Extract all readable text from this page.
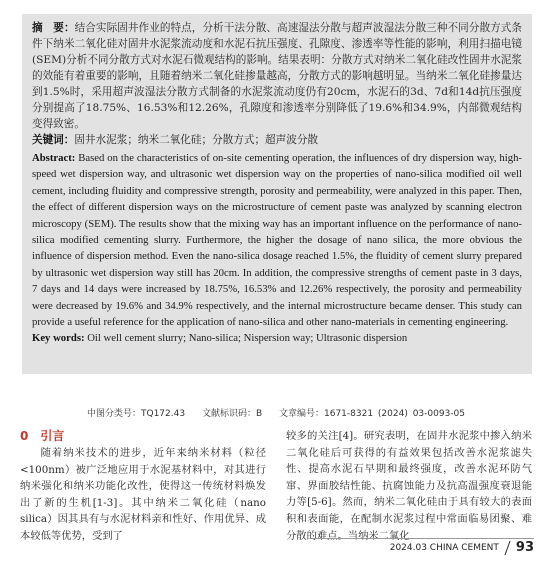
摘　要：结合实际固井作业的特点，分析干法分散、高速湿法分散与超声波湿法分散三种不同分散方式条件下纳米二氧化硅对固井水泥浆流动度和水泥石抗压强度、孔隙度、渗透率等性能的影响，利用扫描电镜(SEM)分析不同分散方式对水泥石微观结构的影响。结果表明：分散方式对纳米二氧化硅改性固井水泥浆的效能有着重要的影响，且随着纳米二氧化硅掺量越高，分散方式的影响越明显。当纳米二氧化硅掺量达到1.5%时，采用超声波湿法分散方式制备的水泥浆流动度仍有20cm，水泥石的3d、7d和14d抗压强度分别提高了18.75%、16.53%和12.26%，孔隙度和渗透率分别降低了19.6%和34.9%，内部微观结构变得致密。

关键词：固井水泥浆；纳米二氧化硅；分散方式；超声波分散

Abstract: Based on the characteristics of on-site cementing operation, the influences of dry dispersion way, high-speed wet dispersion way, and ultrasonic wet dispersion way on the properties of nano-silica modified oil well cement, including fluidity and compressive strength, porosity and permeability, were analyzed in this paper. Then, the effect of different dispersion ways on the microstructure of cement paste was analyzed by scanning electron microscopy (SEM). The results show that the mixing way has an important influence on the performance of nano-silica modified cementing slurry. Furthermore, the higher the dosage of nano silica, the more obvious the influence of dispersion method. Even the nano-silica dosage reached 1.5%, the fluidity of cement slurry prepared by ultrasonic wet dispersion way still has 20cm. In addition, the compressive strengths of cement paste in 3 days, 7 days and 14 days were increased by 18.75%, 16.53% and 12.26% respectively, the porosity and permeability were decreased by 19.6% and 34.9% respectively, and the internal microstructure became denser. This study can provide a useful reference for the application of nano-silica and other nano-materials in cementing engineering.

Key words: Oil well cement slurry; Nano-silica; Nispersion way; Ultrasonic dispersion

中图分类号：TQ172.43 文献标识码：B 文章编号：1671-8321 (2024) 03-0093-05
0　引言

随着纳米技术的进步，近年来纳米材料（粒径<100nm）被广泛地应用于水泥基材料中，对其进行纳米强化和纳米功能化改性，使得这一传统材料焕发出了新的生机[1-3]。其中纳米二氧化硅（nano silica）因其具有与水泥材料亲和性好、作用优异、成本较低等优势，受到了

较多的关注[4]。研究表明，在固井水泥浆中掺入纳米二氧化硅后可获得的有益效果包括改善水泥浆滤失性、提高水泥石早期和最终强度，改善水泥环防气窜、界面胶结性能、抗腐蚀能力及抗高温强度衰退能力等[5-6]。然而，纳米二氧化硅由于具有较大的表面积和表面能，在配制水泥浆过程中常面临易团聚、难分散的难点。当纳米二氧化

2024.03 CHINA CEMENT 93
